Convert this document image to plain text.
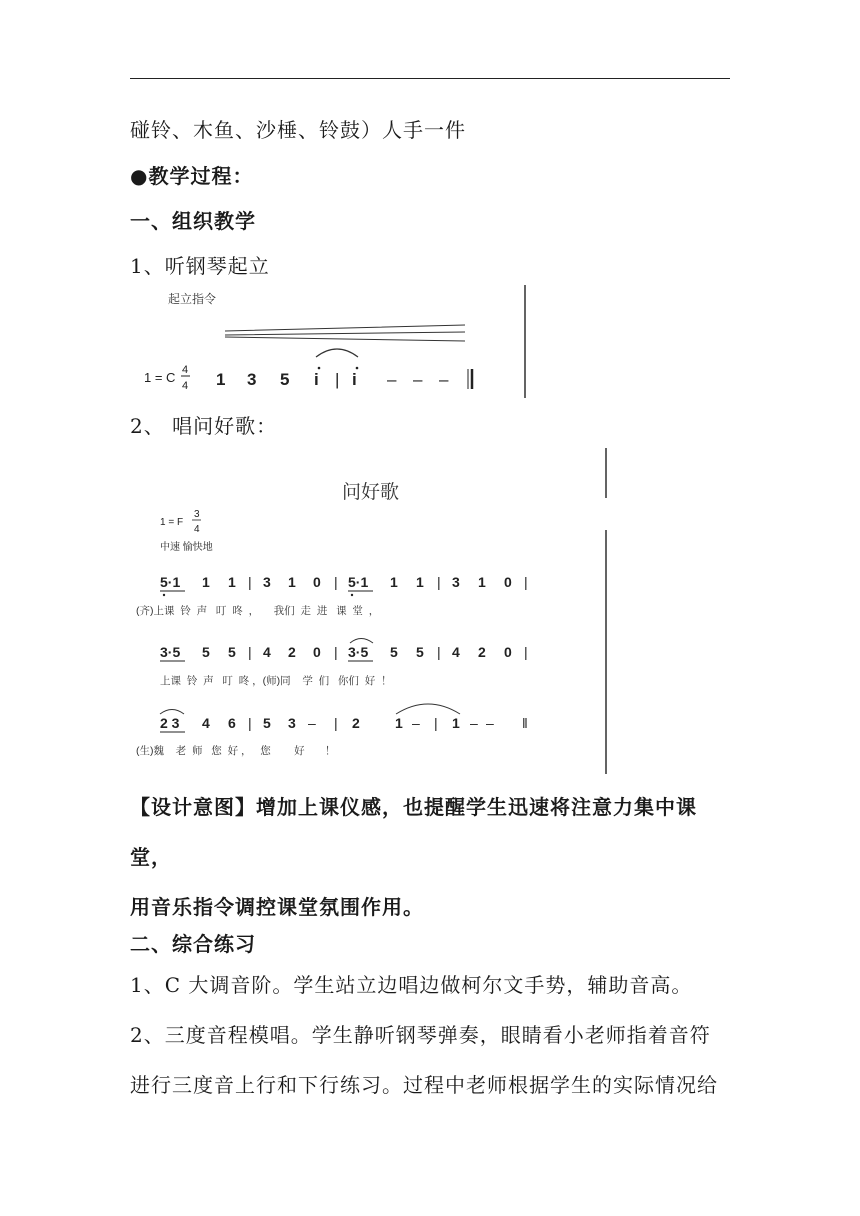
碰铃、木鱼、沙棰、铃鼓）人手一件
●教学过程：
一、组织教学
1、听钢琴起立
起立指令
1 = C 4
4 1 3 5 i | i – – –
2、 唱问好歌：
问好歌
1 = F
3
4
中速 愉快地
5·1 1 1 | 3 1 0 | 5·1 1 1 | 3 1 0 |
(齐)上课  铃  声   叮  咚  ，     我们  走  进   课  堂  ，
3·5 5 5 | 4 2 0 | 3·5 5 5 | 4 2 0 |
上课  铃  声   叮  咚 ，(师)同    学  们   你们  好  ！
2 3 4 6 | 5 3 – | 2	1 – | 1 – – ‖
(生)魏    老  师   您  好 ，   您        好       ！
【设计意图】增加上课仪感，也提醒学生迅速将注意力集中课堂，
用音乐指令调控课堂氛围作用。
二、综合练习
1、C 大调音阶。学生站立边唱边做柯尔文手势，辅助音高。
2、三度音程模唱。学生静听钢琴弹奏，眼睛看小老师指着音符
进行三度音上行和下行练习。过程中老师根据学生的实际情况给
